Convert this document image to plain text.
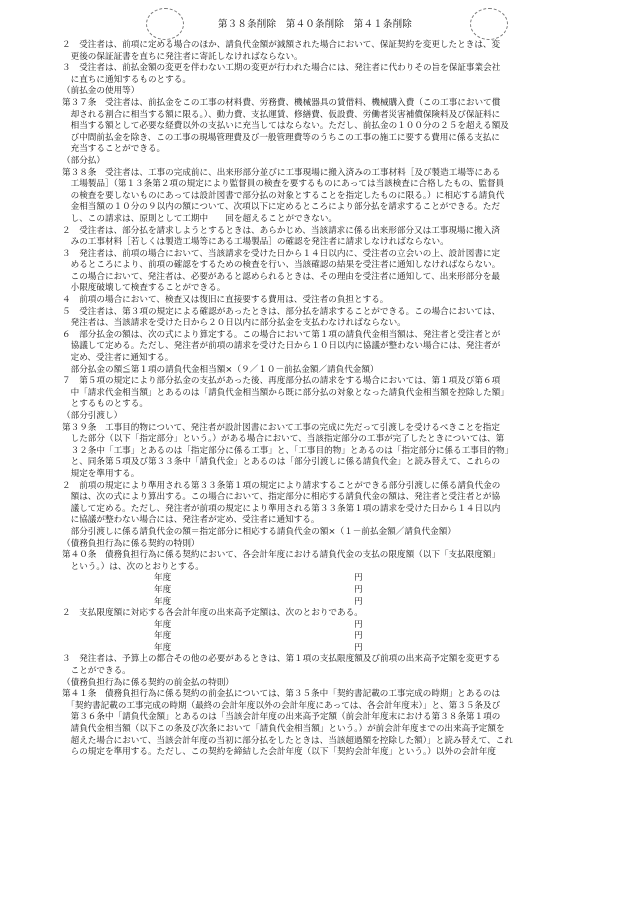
第３８条削除　第４０条削除　第４１条削除
２　受注者は、前項に定める場合のほか、請負代金額が減額された場合において、保証契約を変更したときは、変
　更後の保証証書を直ちに発注者に寄託しなければならない。
３　受注者は、前払金額の変更を伴わない工期の変更が行われた場合には、発注者に代わりその旨を保証事業会社
　に直ちに通知するものとする。
（前払金の使用等）
第３７条　受注者は、前払金をこの工事の材料費、労務費、機械器具の賃借料、機械購入費（この工事において償
　却される割合に相当する額に限る。）、動力費、支払運賃、修繕費、仮設費、労働者災害補償保険料及び保証料に
　相当する額として必要な経費以外の支払いに充当してはならない。ただし、前払金の１００分の２５を超える額及
　び中間前払金を除き、この工事の現場管理費及び一般管理費等のうちこの工事の施工に要する費用に係る支払に
　充当することができる。
（部分払）
第３８条　受注者は、工事の完成前に、出来形部分並びに工事現場に搬入済みの工事材料［及び製造工場等にある
　工場製品］（第１３条第２項の規定により監督員の検査を要するものにあっては当該検査に合格したもの、監督員
　の検査を要しないものにあっては設計図書で部分払の対象とすることを指定したものに限る。）に相応する請負代
　金相当額の１０分の９以内の額について、次項以下に定めるところにより部分払を請求することができる。ただ
　し、この請求は、原則として工期中　　回を超えることができない。
２　受注者は、部分払を請求しようとするときは、あらかじめ、当該請求に係る出来形部分又は工事現場に搬入済
　みの工事材料［若しくは製造工場等にある工場製品］の確認を発注者に請求しなければならない。
３　発注者は、前項の場合において、当該請求を受けた日から１４日以内に、受注者の立会いの上、設計図書に定
　めるところにより、前項の確認をするための検査を行い、当該確認の結果を受注者に通知しなければならない。
　この場合において、発注者は、必要があると認められるときは、その理由を受注者に通知して、出来形部分を最
　小限度破壊して検査することができる。
４　前項の場合において、検査又は復旧に直接要する費用は、受注者の負担とする。
５　受注者は、第３項の規定による確認があったときは、部分払を請求することができる。この場合においては、
　発注者は、当該請求を受けた日から２０日以内に部分払金を支払わなければならない。
６　部分払金の額は、次の式により算定する。この場合において第１項の請負代金相当額は、発注者と受注者とが
　協議して定める。ただし、発注者が前項の請求を受けた日から１０日以内に協議が整わない場合には、発注者が
　定め、受注者に通知する。
　部分払金の額≦第１項の請負代金相当額×（９／１０－前払金額／請負代金額）
７　第５項の規定により部分払金の支払があった後、再度部分払の請求をする場合においては、第１項及び第６項
　中「請求代金相当額」とあるのは「請負代金相当額から既に部分払の対象となった請負代金相当額を控除した額」
　とするものとする。
（部分引渡し）
第３９条　工事目的物について、発注者が設計図書において工事の完成に先だって引渡しを受けるべきことを指定
　した部分（以下「指定部分」という。）がある場合において、当該指定部分の工事が完了したときについては、第
　３２条中「工事」とあるのは「指定部分に係る工事」と、「工事目的物」とあるのは「指定部分に係る工事目的物」
　と、同条第５項及び第３３条中「請負代金」とあるのは「部分引渡しに係る請負代金」と読み替えて、これらの
　規定を準用する。
２　前項の規定により準用される第３３条第１項の規定により請求することができる部分引渡しに係る請負代金の
　額は、次の式により算出する。この場合において、指定部分に相応する請負代金の額は、発注者と受注者とが協
　議して定める。ただし、発注者が前項の規定により準用される第３３条第１項の請求を受けた日から１４日以内
　に協議が整わない場合には、発注者が定め、受注者に通知する。
　部分引渡しに係る請負代金の額＝指定部分に相応する請負代金の額×（１－前払金額／請負代金額）
（債務負担行為に係る契約の特則）
第４０条　債務負担行為に係る契約において、各会計年度における請負代金の支払の限度額（以下「支払限度額」
　という。）は、次のとおりとする。
年度	円
年度	円
年度	円
２　支払限度額に対応する各会計年度の出来高予定額は、次のとおりである。
年度	円
年度	円
年度	円
３　発注者は、予算上の都合その他の必要があるときは、第１項の支払限度額及び前項の出来高予定額を変更する
　ことができる。
（債務負担行為に係る契約の前金払の特則）
第４１条　債務負担行為に係る契約の前金払については、第３５条中「契約書記載の工事完成の時期」とあるのは
　「契約書記載の工事完成の時期（最終の会計年度以外の会計年度にあっては、各会計年度末）」と、第３５条及び
　第３６条中「請負代金額」とあるのは「当該会計年度の出来高予定額（前会計年度末における第３８条第１項の
　請負代金相当額（以下この条及び次条において「請負代金相当額」という。）が前会計年度までの出来高予定額を
　超えた場合において、当該会計年度の当初に部分払をしたときは、当該超過額を控除した額）」と読み替えて、これ
　らの規定を準用する。ただし、この契約を締結した会計年度（以下「契約会計年度」という。）以外の会計年度
